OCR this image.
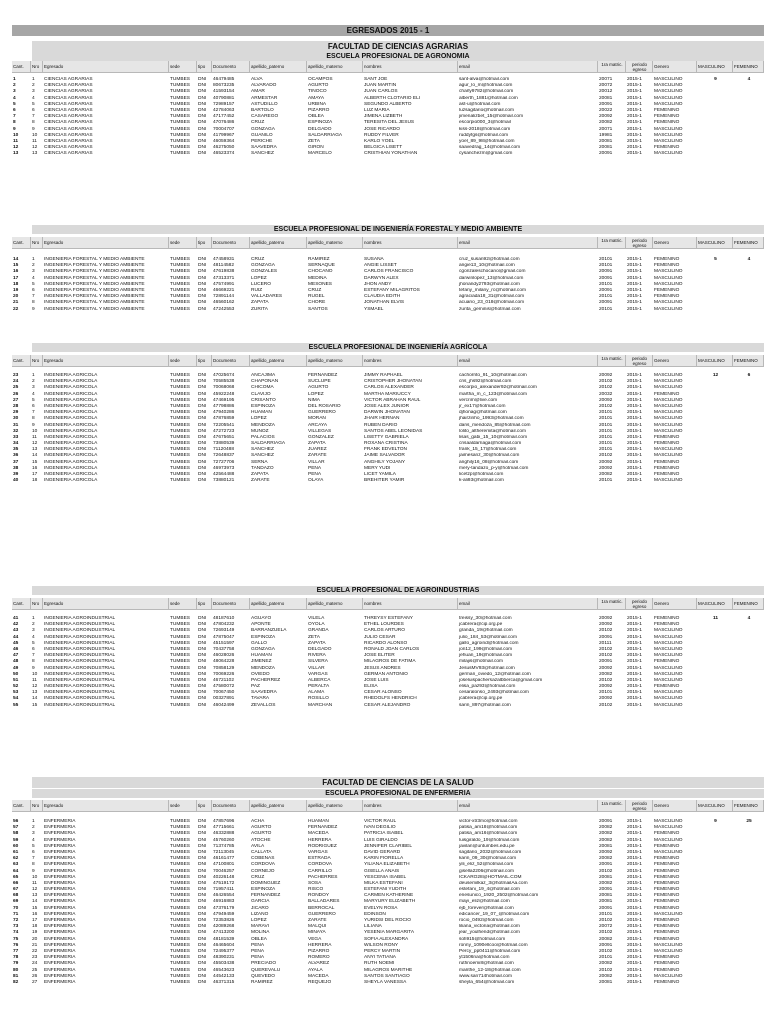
EGRESADOS 2015 - 1
FACULTAD DE CIENCIAS AGRARIAS
ESCUELA PROFESIONAL DE AGRONOMIA
Cant.	Nro	Egresado	sede	tipo	Documento	apellido_paterno	apellido_materno	nombres	email	1ra matric.	periodo egreso
Genero	MASCULINO	FEMENINO
1	1	CIENCIAS AGRARIAS	TUMBES	DNI	46479485	ALVA	OCAMPOS	SANT JOE	sant-alva@hotmail.com	20071	2015-1	MASCULINO	9	4
2	2	CIENCIAS AGRARIAS	TUMBES	DNI	80673235	ALVARADO	AGURTO	JUAN MARTIN	agur_lo_m@hotmail.com	20072	2015-1	MASCULINO
3	3	CIENCIAS AGRARIAS	TUMBES	DNI	41593154	AMAR	TINOCO	JUAN CARLOS	charly9782@hotmail.com	20012	2015-1	MASCULINO
4	4	CIENCIAS AGRARIAS	TUMBES	DNI	40790881	ARMESTAR	AMAYA	ALBERTH CLOTARIO ELI	alberth_1881@hotmail.com	20081	2015-1	MASCULINO
5	5	CIENCIAS AGRARIAS	TUMBES	DNI	72989157	ASTUDILLO	URBINA	SEGUNDO ALBERTO	ast-u@hotmail.com	20091	2015-1	MASCULINO
6	6	CIENCIAS AGRARIAS	TUMBES	DNI	42784063	BARTOLO	PIZARRO	LUZ MARIA	luzsagitario@hotmail.com	20022	2015-1	FEMENINO
7	7	CIENCIAS AGRARIAS	TUMBES	DNI	47177452	CASAREGO	OBLEA	JIMENA LIZBETH	jimenalizbet_15@hotmail.com	20092	2015-1	FEMENINO
8	8	CIENCIAS AGRARIAS	TUMBES	DNI	47076486	CRUZ	ESPINOZA	TERESITA DEL JESUS	escorpio000_3@hotmail	20082	2015-1	FEMENINO
9	9	CIENCIAS AGRARIAS	TUMBES	DNI	70004707	GONZAGA	DELGADO	JOSE RICARDO	kiss-2018@hotmail.com	20071	2015-1	MASCULINO
10	10	CIENCIAS AGRARIAS	TUMBES	DNI	41799967	GUANILO	SALDARRIAGA	RUDDY FILVER	ruddyfgs@hotmail.com	19981	2015-1	MASCULINO
11	11	CIENCIAS AGRARIAS	TUMBES	DNI	46059364	PERICHE	ZETA	KARLO YOEL	yoel_89_98@hotmail.com	20081	2015-1	MASCULINO
12	12	CIENCIAS AGRARIAS	TUMBES	DNI	46275050	SAAVEDRA	GIRON	BELGICA LISETT	saavedrag_14@hotmail.com	20081	2015-1	FEMENINO
13	13	CIENCIAS AGRARIAS	TUMBES	DNI	46523374	SANCHEZ	MARCELO	CRISTHIAN YONATHAN	cysanchezm@gmail.com	20091	2015-1	MASCULINO
ESCUELA PROFESIONAL DE INGENIERÍA FORESTAL Y MEDIO AMBIENTE
Cant.	Nro	Egresado	sede	tipo	Documento	apellido_paterno	apellido_materno	nombres	email	1ra matric.	periodo egreso
Genero	MASCULINO	FEMENINO
14	1	INGENIERIA FORESTAL Y MEDIO AMBIENTE	TUMBES	DNI	47458931	CRUZ	RAMIREZ	SUSANA	cruz_susan92@hotmail.com	20101	2015-1	FEMENINO	5	4
15	2	INGENIERIA FORESTAL Y MEDIO AMBIENTE	TUMBES	DNI	48114582	GONZAGA	SERNAQUE	ANGIE LISSET	angie13_10@hotmail.com	20101	2015-1	FEMENINO
16	3	INGENIERIA FORESTAL Y MEDIO AMBIENTE	TUMBES	DNI	47619838	GONZALES	CHOCANO	CARLOS FRANCISCO	cgonzaleschocano@gmail.com	20091	2015-1	MASCULINO
17	4	INGENIERIA FORESTAL Y MEDIO AMBIENTE	TUMBES	DNI	47313371	LOPEZ	MEDINA	DARWYN ALEX	darwinlopez_13@hotmail.com	20091	2015-1	MASCULINO
18	5	INGENIERIA FORESTAL Y MEDIO AMBIENTE	TUMBES	DNI	47574991	LUCERO	MESONES	JHON ANDY	jhonandy2793@hotmail.com	20101	2015-1	MASCULINO
19	6	INGENIERIA FORESTAL Y MEDIO AMBIENTE	TUMBES	DNI	46669221	RUIZ	CRUZ	ESTEFANY MILAGRITOS	tefany_milany_rc@hotmail.com	20091	2015-1	FEMENINO
20	7	INGENIERIA FORESTAL Y MEDIO AMBIENTE	TUMBES	DNI	72891144	VALLADARES	RUGEL	CLAUDIA EDITH	agraciada18_31@hotmail.com	20101	2015-1	FEMENINO
21	8	INGENIERIA FORESTAL Y MEDIO AMBIENTE	TUMBES	DNI	46560162	ZAPATA	CHORE	JONATHAN ELVIS	acuario_23_018@hotmail.com	20091	2015-1	MASCULINO
22	9	INGENIERIA FORESTAL Y MEDIO AMBIENTE	TUMBES	DNI	47242553	ZURITA	SANTOS	YSMAEL	zurita_geminis@hotmail.com	20101	2015-1	MASCULINO
ESCUELA PROFESIONAL DE INGENIERÍA AGRÍCOLA
Cant.	Nro	Egresado	sede	tipo	Documento	apellido_paterno	apellido_materno	nombres	email	1ra matric.	periodo egreso
Genero	MASCULINO	FEMENINO
23	1	INGENIERIA AGRICOLA	TUMBES	DNI	47025674	ANCAJIMA	FERNANDEZ	JIMMY RAPHAEL	cachorrito_91_10@hotmail.com	20092	2015-1	MASCULINO	12	6
24	2	INGENIERIA AGRICOLA	TUMBES	DNI	70585538	CHAPOÑAN	SUCLUPE	CRISTOPHER JHONATAN	cris_jhs92@hotmail.com	20102	2015-1	MASCULINO
25	3	INGENIERIA AGRICOLA	TUMBES	DNI	70068068	CHICOMA	AGURTO	CARLOS ALEXANDER	escorpio_alexander92@hotmail.com	20102	2015-1	MASCULINO
26	4	INGENIERIA AGRICOLA	TUMBES	DNI	45922248	CLAVIJO	LOPEZ	MARTHA MARIUCCY	martha_m_c_123@hotmail.com	20032	2015-1	FEMENINO
27	5	INGENIERIA AGRICOLA	TUMBES	DNI	47469195	CRISANTO	NIMA	VICTOR ABRAHAN RAUL	vercrim@live.com	20092	2015-1	MASCULINO
28	6	INGENIERIA AGRICOLA	TUMBES	DNI	47798886	ESPINOZA	DEL ROSARIO	JOSE ALEX JUNIOR	jr_ex17@hotmail.com	20102	2015-1	MASCULINO
29	7	INGENIERIA AGRICOLA	TUMBES	DNI	47940286	HUAMAN	GUERRERO	DARWIN JHONATAN	djhonag@hotmail.com	20101	2015-1	MASCULINO
30	8	INGENIERIA AGRICOLA	TUMBES	DNI	47876859	LOPEZ	MORAN	JHAIR HERNAN	jhairzinho_1993@hotmail.com	20101	2015-1	MASCULINO
31	9	INGENIERIA AGRICOLA	TUMBES	DNI	72205541	MENDOZA	ARCAYA	RUBEN DARIO	daris_mendoza_85@hotmail.com	20101	2015-1	MASCULINO
32	10	INGENIERIA AGRICOLA	TUMBES	DNI	47272723	MUÑOZ	VILLEGAS	SANTOS ABEL LEONIDAS	lolito_altheremita@hotmail.com	20101	2015-1	MASCULINO
33	11	INGENIERIA AGRICOLA	TUMBES	DNI	47675651	PALACIOS	GONZALEZ	LISETTY GABRIELA	lisas_gabi_15_10@hotmail.com	20101	2015-1	FEMENINO
34	12	INGENIERIA AGRICOLA	TUMBES	DNI	73880539	SALDARRIAGA	ZAPATA	ROXANA CRISTINA	crisaaldarriaga@hotmail.com	20101	2015-1	FEMENINO
35	13	INGENIERIA AGRICOLA	TUMBES	DNI	71120488	SANCHEZ	JUAREZ	FRANK EDVELTON	frank_15_17@hotmail.com	20101	2015-1	MASCULINO
36	14	INGENIERIA AGRICOLA	TUMBES	DNI	72648837	SANCHEZ	ZARATE	JAIME SALVADOR	jaimesanz_30@hotmail.com	20102	2015-1	MASCULINO
37	15	INGENIERIA AGRICOLA	TUMBES	DNI	72727706	SERNA	VILLAR	ANGHILY YOJANY	anghily16_08@hotmail.com	20092	2015-1	FEMENINO
38	16	INGENIERIA AGRICOLA	TUMBES	DNI	46973973	TANDAZO	PEÑA	MERY YUDI	mery-tandazo_p-y@hotmail.com	20092	2015-1	FEMENINO
39	17	INGENIERIA AGRICOLA	TUMBES	DNI	42564488	ZAPATA	PEÑA	LICET YAMILA	licetzp@hotmail.com	20082	2015-1	FEMENINO
40	18	INGENIERIA AGRICOLA	TUMBES	DNI	73880121	ZARATE	OLAYA	BREHITER YAMIR	k-ali93@hotmail.com	20101	2015-1	MASCULINO
ESCUELA PROFESIONAL DE AGROINDUSTRIAS
Cant.	Nro	Egresado	sede	tipo	Documento	apellido_paterno	apellido_materno	nombres	email	1ra matric.	periodo egreso
Genero	MASCULINO	FEMENINO
41	1	INGENIERIA AGROINDUSTRIAL	TUMBES	DNI	48187610	AGUAYO	VILELA	THREYSY ESTEFANY	treissy_30@hotmail.com	20092	2015-1	FEMENINO	11	4
42	2	INGENIERIA AGROINDUSTRIAL	TUMBES	DNI	47804232	APONTE	OYOLA	ETHEL LOURDES	jcabrera@cip.org.pe	20092	2015-1	FEMENINO
43	3	INGENIERIA AGROINDUSTRIAL	TUMBES	DNI	72693149	BARRANZUELA	GRANDA	CARLOS ARTURO	granda_19@hotmail.com	20102	2015-1	MASCULINO
44	4	INGENIERIA AGROINDUSTRIAL	TUMBES	DNI	47875047	ESPINOZA	ZETA	JULIO CESAR	julio_184_53@hotmail.com	20091	2015-1	MASCULINO
45	5	INGENIERIA AGROINDUSTRIAL	TUMBES	DNI	45151597	GALLO	ZAPATA	RICARDO ALONSO	gallo_agroind@hotmail.com	20111	2015-1	MASCULINO
46	6	INGENIERIA AGROINDUSTRIAL	TUMBES	DNI	70437758	GONZAGA	DELGADO	RONALD JOAN CARLOS	jon12_199@hotmail.com	20102	2015-1	MASCULINO
47	7	INGENIERIA AGROINDUSTRIAL	TUMBES	DNI	46028026	HUAMAN	RIVERA	JOSE ELITER	jehuan_19@hotmail.com	20102	2015-1	MASCULINO
48	8	INGENIERIA AGROINDUSTRIAL	TUMBES	DNI	48064228	JIMENEZ	SILVERA	MILAGROS DE FATIMA	milajis@hotmail.com	20091	2015-1	FEMENINO
49	9	INGENIERIA AGROINDUSTRIAL	TUMBES	DNI	70858129	MENDOZA	VILLAR	JESUS ANDRES	JesusMV93@hotmail.com	20092	2015-1	MASCULINO
50	10	INGENIERIA AGROINDUSTRIAL	TUMBES	DNI	70069226	OVIEDO	VARGAS	GERMAN ANTONIO	german_oviedo_12@hotmail.com	20082	2015-1	MASCULINO
51	11	INGENIERIA AGROINDUSTRIAL	TUMBES	DNI	46721102	PACHERREZ	ALBERCA	JOSE LUIS	joseluispachersazalbberca@gmail.com	20102	2015-1	MASCULINO
52	12	INGENIERIA AGROINDUSTRIAL	TUMBES	DNI	47580072	PAZ	PERALTA	ELISA	elisa_paz93@hotmail.com	20092	2015-1	FEMENINO
53	13	INGENIERIA AGROINDUSTRIAL	TUMBES	DNI	70067450	SAAVEDRA	ALAMA	CESAR ALONSO	cesaralonso_2493@hotmail.com	20101	2015-1	MASCULINO
54	14	INGENIERIA AGROINDUSTRIAL	TUMBES	DNI	00327891	TAVARA	ROSILLO	RHEDOLFS HENDRICH	jcabrera@cip.org.pe	20092	2015-1	MASCULINO
55	15	INGENIERIA AGROINDUSTRIAL	TUMBES	DNI	46042499	ZEVALLOS	MARCHAN	CESAR ALEJANDRO	sarin_897@hotmail.com	20102	2015-1	MASCULINO
FACULTAD DE CIENCIAS DE LA SALUD
ESCUELA PROFESIONAL DE ENFERMERIA
Cant.	Nro	Egresado	sede	tipo	Documento	apellido_paterno	apellido_materno	nombres	email	1ra matric.	periodo egreso
Genero	MASCULINO	FEMENINO
56	1	ENFERMERIA	TUMBES	DNI	47857696	ACHA	HUAMAN	VICTOR RAUL	victor-xtr3mo@hotmail.com	20091	2015-1	MASCULINO	9	25
57	2	ENFERMERIA	TUMBES	DNI	47715661	AGURTO	FERNANDEZ	IVAN DEGILIO	patisa_am18@hotmail.com	20082	2015-1	MASCULINO
58	3	ENFERMERIA	TUMBES	DNI	46332888	AGURTO	MACEDA	PATRICIA ISABEL	patisa_am16@hotmail.com	20082	2015-1	FEMENINO
59	4	ENFERMERIA	TUMBES	DNI	45760260	ATOCHE	HERRERA	LUIS GIRALDO	luisgiraldo_19@hotmail.com	20082	2015-1	MASCULINO
60	5	ENFERMERIA	TUMBES	DNI	71374785	AVILA	RODRIGUEZ	JENNIFER CLARIBEL	javilan@untumbes.edu.pe	20081	2015-1	FEMENINO
61	6	ENFERMERIA	TUMBES	DNI	72113045	CALLATA	VARGAS	DAVID GERARD	sagitario_2032@hotmail.com	20092	2015-1	MASCULINO
62	7	ENFERMERIA	TUMBES	DNI	46161477	COBEÑAS	ESTRADA	KARIN FIORELLA	karin_09_30@hotmail.com	20082	2015-1	FEMENINO
63	8	ENFERMERIA	TUMBES	DNI	47100801	CORDOVA	CORDOVA	YILIANA ELIZABETH	yili_eliz_52@hotmail.com	20091	2015-1	FEMENINO
64	9	ENFERMERIA	TUMBES	DNI	70046257	CORNEJO	CARRILLO	GISELLA ANAIS	gisella2206@hotmail.com	20102	2015-1	FEMENINO
65	10	ENFERMERIA	TUMBES	DNI	40226148	CRUZ	PACHERRES	YESCENIA ISABEL	ICKARO28@HOTMAIL.COM	20081	2015-1	FEMENINO
66	11	ENFERMERIA	TUMBES	DNI	47519172	DOMINGUEZ	SOSA	MILKA ESTEFANI	deusemilkaz_3@hotmailÄa.com	20082	2015-1	FEMENINO
67	12	ENFERMERIA	TUMBES	DNI	71957411	ESPINOZA	RISCO	ESTEFANI YUDITH	estefani_19_4@hotmail.com	20091	2015-1	FEMENINO
68	13	ENFERMERIA	TUMBES	DNI	46426554	FERNANDEZ	RONDOY	CARMEN KATHERINE	enesunico_1920_2502@hotmail.com	20081	2015-1	FEMENINO
69	14	ENFERMERIA	TUMBES	DNI	46916883	GARCIA	BALLADARES	MARYURY ELIZABETH	mayi_eliz@hotmail.com	20081	2015-1	FEMENINO
70	15	ENFERMERIA	TUMBES	DNI	47376179	JICARO	BERROCAL	EVELYN ROSA	ejb_forever@hotmail.com	20091	2015-1	FEMENINO
71	16	ENFERMERIA	TUMBES	DNI	47949459	LIZANO	GUERRERO	EDINSON	edicancer_19_07_@hotmail.com	20101	2015-1	MASCULINO
72	17	ENFERMERIA	TUMBES	DNI	72353826	LOPEZ	ZARATE	YURIDSI DEL ROCIO	rocio_0492@hotmail.com	20102	2015-1	FEMENINO
73	18	ENFERMERIA	TUMBES	DNI	42089268	MARAVI	MALQUI	LILIANA	liliana_victoria@hotmail.com	20072	2015-1	FEMENINO
74	19	ENFERMERIA	TUMBES	DNI	47413200	MOLINA	MINAYA	YESENIA MARGARITA	jear_youlhend@hotmail.com	20102	2015-1	FEMENINO
75	20	ENFERMERIA	TUMBES	DNI	48181539	OBLEA	VEGA	SOFIA ALEXANDRA	sofi915@hotmail.com	20082	2015-1	FEMENINO
76	21	ENFERMERIA	TUMBES	DNI	46465604	PEÑA	HERRERA	WILSON RONY	ronny_1090ellcoo@hotmail.com	20091	2015-1	MASCULINO
77	22	ENFERMERIA	TUMBES	DNI	72495377	PEÑA	PIZARRO	PERCY MARTIN	Percy_pp0411@hotmail.com	20102	2015-1	MASCULINO
78	23	ENFERMERIA	TUMBES	DNI	48390231	PEÑA	ROMERO	ANYI TATIANA	yt1506na@hotmail.com	20101	2015-1	FEMENINO
79	24	ENFERMERIA	TUMBES	DNI	45503438	PRECIADO	ALVAREZ	RUTH NOEMI	ruthnoemi8@hotmail.com	20082	2015-1	FEMENINO
80	25	ENFERMERIA	TUMBES	DNI	46543623	QUEREVALU	AYALA	MILAGROS MARITHE	marithe_12-18@hotmail.com	20102	2015-1	FEMENINO
81	26	ENFERMERIA	TUMBES	DNI	44542133	QUEVEDO	MACEDA	SANTOS SANTIAGO	www.san714hotmail.com	20082	2015-1	MASCULINO
82	27	ENFERMERIA	TUMBES	DNI	46371315	RAMIREZ	REQUEJO	SHEYLA VANESSA	sheyla_654@hotmail.com	20081	2015-1	FEMENINO
